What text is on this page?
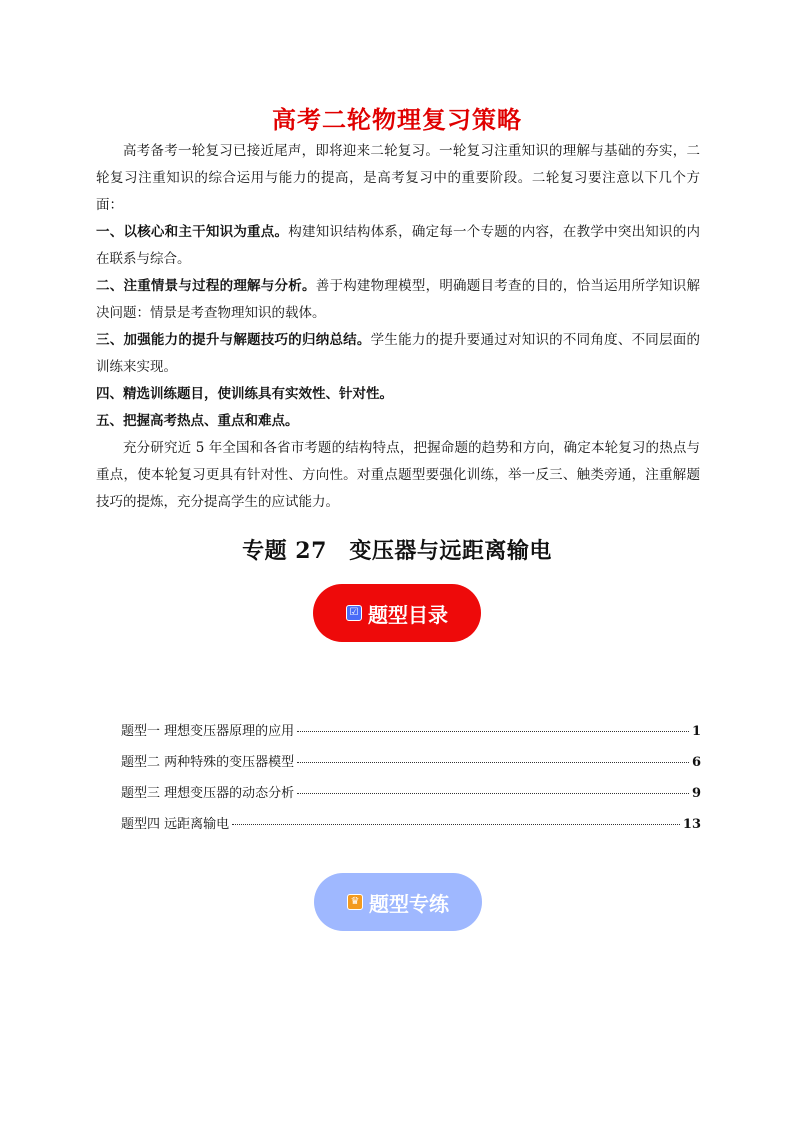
高考二轮物理复习策略

高考备考一轮复习已接近尾声，即将迎来二轮复习。一轮复习注重知识的理解与基础的夯实，二轮复习注重知识的综合运用与能力的提高，是高考复习中的重要阶段。二轮复习要注意以下几个方面：

一、以核心和主干知识为重点。构建知识结构体系，确定每一个专题的内容，在教学中突出知识的内在联系与综合。

二、注重情景与过程的理解与分析。善于构建物理模型，明确题目考查的目的，恰当运用所学知识解决问题：情景是考查物理知识的载体。

三、加强能力的提升与解题技巧的归纳总结。学生能力的提升要通过对知识的不同角度、不同层面的训练来实现。

四、精选训练题目，使训练具有实效性、针对性。

五、把握高考热点、重点和难点。

充分研究近 5 年全国和各省市考题的结构特点，把握命题的趋势和方向，确定本轮复习的热点与重点，使本轮复习更具有针对性、方向性。对重点题型要强化训练，举一反三、触类旁通，注重解题技巧的提炼，充分提高学生的应试能力。

专题 27　变压器与远距离输电
☑ 题型目录
题型一 理想变压器原理的应用	1
题型二 两种特殊的变压器模型	6
题型三 理想变压器的动态分析	9
题型四 远距离输电	13
♛ 题型专练
